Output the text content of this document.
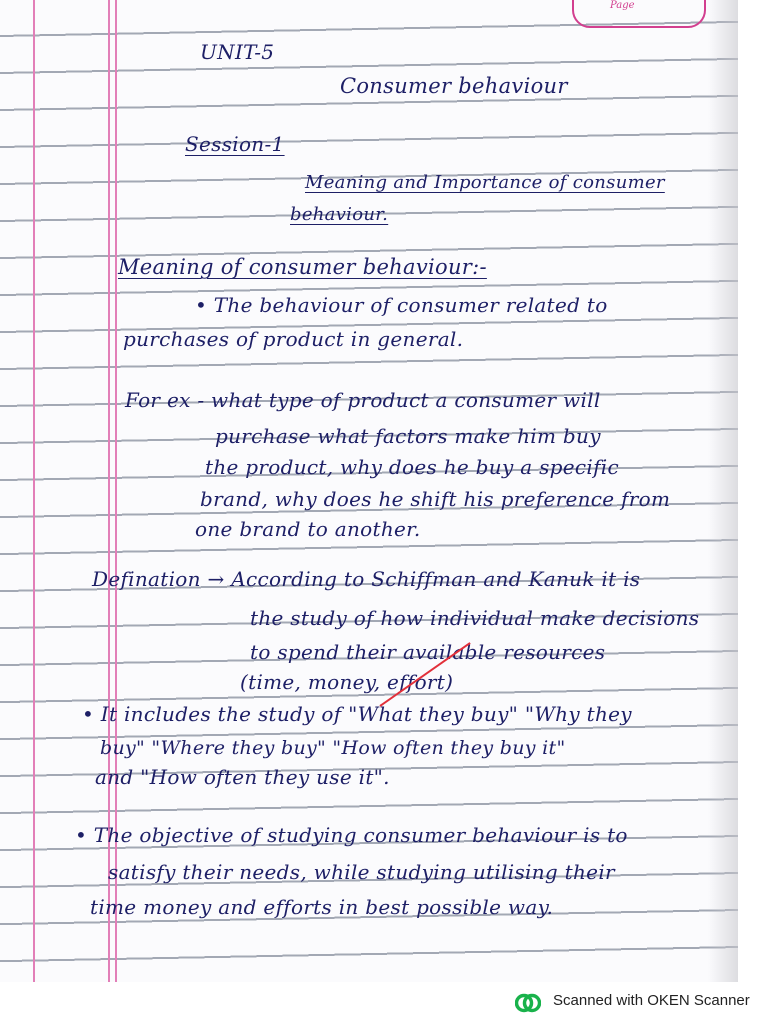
Page

UNIT-5

Consumer behaviour

Session-1

Meaning and Importance of consumer

behaviour.

Meaning of consumer behaviour:-

• The behaviour of consumer related to

purchases of product in general.

For ex - what type of product a consumer will

purchase what factors make him buy

the product, why does he buy a specific

brand, why does he shift his preference from

one brand to another.

Defination → According to Schiffman and Kanuk it is

the study of how individual make decisions

to spend their available resources

(time, money, effort)

• It includes the study of "What they buy" "Why they

buy" "Where they buy" "How often they buy it"

and "How often they use it".

• The objective of studying consumer behaviour is to

satisfy their needs, while studying utilising their

time money and efforts in best possible way.

Scanned with OKEN Scanner
